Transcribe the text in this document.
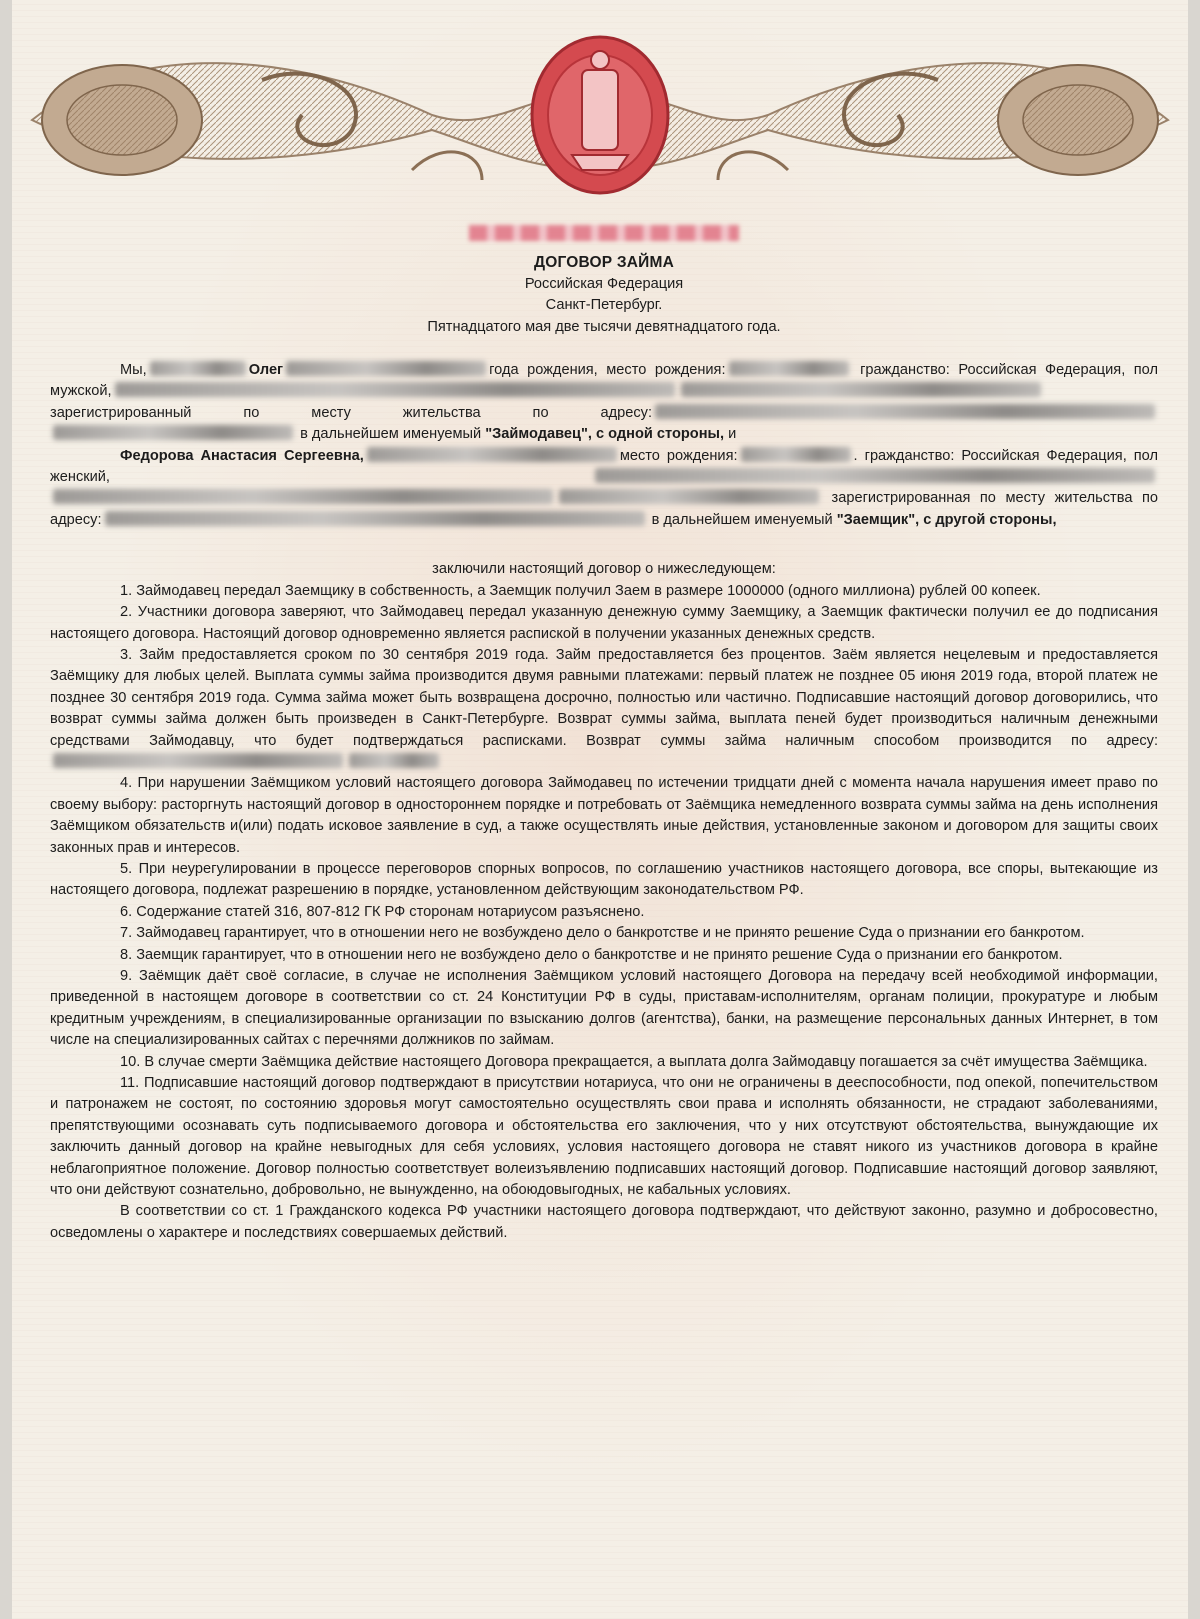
ДОГОВОР ЗАЙМА
Российская Федерация
Санкт-Петербург.
Пятнадцатого мая две тысячи девятнадцатого года.

Мы,	Олег	года рождения, место рождения:	гражданство: Российская Федерация, пол мужской, зарегистрированный по месту жительства по адресу: в дальнейшем именуемый "Займодавец", с одной стороны, и

Федорова Анастасия Сергеевна,	место рождения:	. гражданство: Российская Федерация, пол женский,  зарегистрированная по месту жительства по адресу:	в дальнейшем именуемый "Заемщик", с другой стороны,

заключили настоящий договор о нижеследующем:

1. Займодавец передал Заемщику в собственность, а Заемщик получил Заем в размере 1000000 (одного миллиона) рублей 00 копеек.

2. Участники договора заверяют, что Займодавец передал указанную денежную сумму Заемщику, а Заемщик фактически получил ее до подписания настоящего договора. Настоящий договор одновременно является распиской в получении указанных денежных средств.

3. Займ предоставляется сроком по 30 сентября 2019 года. Займ предоставляется без процентов. Заём является нецелевым и предоставляется Заёмщику для любых целей. Выплата суммы займа производится двумя равными платежами: первый платеж не позднее 05 июня 2019 года, второй платеж не позднее 30 сентября 2019 года. Сумма займа может быть возвращена досрочно, полностью или частично. Подписавшие настоящий договор договорились, что возврат суммы займа должен быть произведен в Санкт-Петербурге. Возврат суммы займа, выплата пеней будет производиться наличным денежными средствами Займодавцу, что будет подтверждаться расписками. Возврат суммы займа наличным способом производится по адресу:

4. При нарушении Заёмщиком условий настоящего договора Займодавец по истечении тридцати дней с момента начала нарушения имеет право по своему выбору: расторгнуть настоящий договор в одностороннем порядке и потребовать от Заёмщика немедленного возврата суммы займа на день исполнения Заёмщиком обязательств и(или) подать исковое заявление в суд, а также осуществлять иные действия, установленные законом и договором для защиты своих законных прав и интересов.

5. При неурегулировании в процессе переговоров спорных вопросов, по соглашению участников настоящего договора, все споры, вытекающие из настоящего договора, подлежат разрешению в порядке, установленном действующим законодательством РФ.

6. Содержание статей 316, 807-812 ГК РФ сторонам нотариусом разъяснено.

7. Займодавец гарантирует, что в отношении него не возбуждено дело о банкротстве и не принято решение Суда о признании его банкротом.

8. Заемщик гарантирует, что в отношении него не возбуждено дело о банкротстве и не принято решение Суда о признании его банкротом.

9. Заёмщик даёт своё согласие, в случае не исполнения Заёмщиком условий настоящего Договора на передачу всей необходимой информации, приведенной в настоящем договоре в соответствии со ст. 24 Конституции РФ в суды, приставам-исполнителям, органам полиции, прокуратуре и любым кредитным учреждениям, в специализированные организации по взысканию долгов (агентства), банки, на размещение персональных данных Интернет, в том числе на специализированных сайтах с перечнями должников по займам.

10. В случае смерти Заёмщика действие настоящего Договора прекращается, а выплата долга Займодавцу погашается за счёт имущества Заёмщика.

11. Подписавшие настоящий договор подтверждают в присутствии нотариуса, что они не ограничены в дееспособности, под опекой, попечительством и патронажем не состоят, по состоянию здоровья могут самостоятельно осуществлять свои права и исполнять обязанности, не страдают заболеваниями, препятствующими осознавать суть подписываемого договора и обстоятельства его заключения, что у них отсутствуют обстоятельства, вынуждающие их заключить данный договор на крайне невыгодных для себя условиях, условия настоящего договора не ставят никого из участников договора в крайне неблагоприятное положение. Договор полностью соответствует волеизъявлению подписавших настоящий договор. Подписавшие настоящий договор заявляют, что они действуют сознательно, добровольно, не вынужденно, на обоюдовыгодных, не кабальных условиях.

В соответствии со ст. 1 Гражданского кодекса РФ участники настоящего договора подтверждают, что действуют законно, разумно и добросовестно, осведомлены о характере и последствиях совершаемых действий.
